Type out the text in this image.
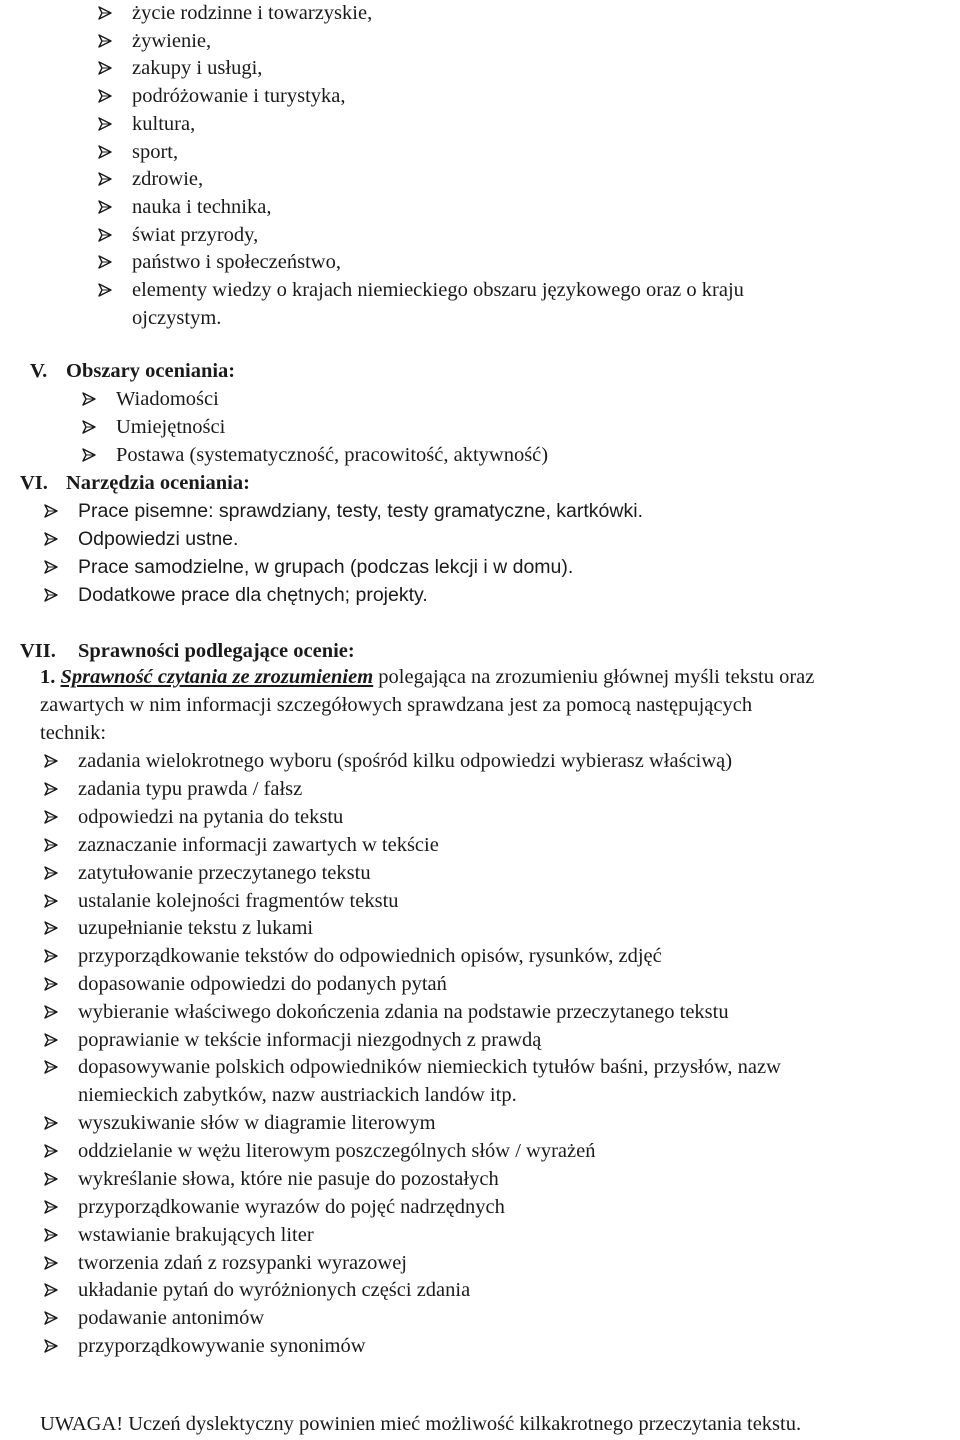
życie rodzinne i towarzyskie,
żywienie,
zakupy i usługi,
podróżowanie i turystyka,
kultura,
sport,
zdrowie,
nauka i technika,
świat przyrody,
państwo i społeczeństwo,
elementy wiedzy o krajach niemieckiego obszaru językowego oraz o kraju
ojczystym.
V. Obszary oceniania:
Wiadomości
Umiejętności
Postawa (systematyczność, pracowitość, aktywność)
VI. Narzędzia oceniania:
Prace pisemne: sprawdziany, testy, testy gramatyczne, kartkówki.
Odpowiedzi ustne.
Prace samodzielne, w grupach (podczas lekcji i w domu).
Dodatkowe prace dla chętnych; projekty.
VII. Sprawności podlegające ocenie:
1. Sprawność czytania ze zrozumieniem polegająca na zrozumieniu głównej myśli tekstu oraz
zawartych w nim informacji szczegółowych sprawdzana jest za pomocą następujących
technik:
zadania wielokrotnego wyboru (spośród kilku odpowiedzi wybierasz właściwą)
zadania typu prawda / fałsz
odpowiedzi na pytania do tekstu
zaznaczanie informacji zawartych w tekście
zatytułowanie przeczytanego tekstu
ustalanie kolejności fragmentów tekstu
uzupełnianie tekstu z lukami
przyporządkowanie tekstów do odpowiednich opisów, rysunków, zdjęć
dopasowanie odpowiedzi do podanych pytań
wybieranie właściwego dokończenia zdania na podstawie przeczytanego tekstu
poprawianie w tekście informacji niezgodnych z prawdą
dopasowywanie polskich odpowiedników niemieckich tytułów baśni, przysłów, nazw
niemieckich zabytków, nazw austriackich landów itp.
wyszukiwanie słów w diagramie literowym
oddzielanie w wężu literowym poszczególnych słów / wyrażeń
wykreślanie słowa, które nie pasuje do pozostałych
przyporządkowanie wyrazów do pojęć nadrzędnych
wstawianie brakujących liter
tworzenia zdań z rozsypanki wyrazowej
układanie pytań do wyróżnionych części zdania
podawanie antonimów
przyporządkowywanie synonimów
UWAGA! Uczeń dyslektyczny powinien mieć możliwość kilkakrotnego przeczytania tekstu.
